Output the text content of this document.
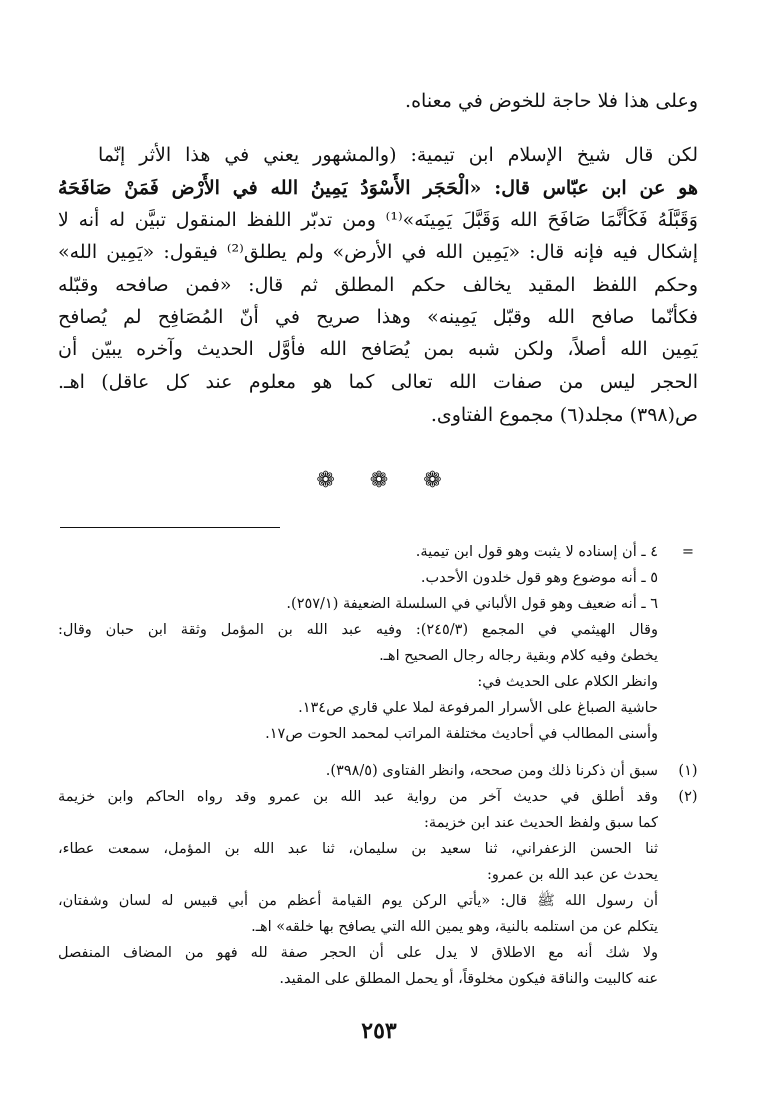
وعلى هذا فلا حاجة للخوض في معناه.
لكن قال شيخ الإسلام ابن تيمية: (والمشهور يعني في هذا الأثر إنّما
هو عن ابن عبّاس قال: «الْحَجَر الأَسْوَدُ يَمِينُ الله في الأَرْض فَمَنْ صَافَحَهُ
وَقَبَّلَهُ فَكَأَنَّمَا صَافَحَ الله وَقَبَّلَ يَمِينَه»⁽¹⁾ ومن تدبّر اللفظ المنقول تبيَّن له أنه لا
إشكال فيه فإنه قال: «يَمِين الله في الأرض» ولم يطلق⁽²⁾ فيقول: «يَمِين الله»
وحكم اللفظ المقيد يخالف حكم المطلق ثم قال: «فمن صافحه وقبّله
فكأنّما صافح الله وقبّل يَمِينه» وهذا صريح في أنّ المُصَافِح لم يُصافح
يَمِين الله أصلاً، ولكن شبه بمن يُصَافح الله فأوَّل الحديث وآخره يبيّن أن
الحجر ليس من صفات الله تعالى كما هو معلوم عند كل عاقل) اهـ.
ص(٣٩٨) مجلد(٦) مجموع الفتاوى.
❁ ❁ ❁
=
٤ ـ أن إسناده لا يثبت وهو قول ابن تيمية.
٥ ـ أنه موضوع وهو قول خلدون الأحدب.
٦ ـ أنه ضعيف وهو قول الألباني في السلسلة الضعيفة (٢٥٧/١).
وقال الهيثمي في المجمع (٢٤٥/٣): وفيه عبد الله بن المؤمل وثقة ابن حبان وقال:
يخطئ وفيه كلام وبقية رجاله رجال الصحيح اهـ.
وانظر الكلام على الحديث في:
حاشية الصباغ على الأسرار المرفوعة لملا علي قاري ص١٣٤.
وأسنى المطالب في أحاديث مختلفة المراتب لمحمد الحوت ص١٧.
(١)
سبق أن ذكرنا ذلك ومن صححه، وانظر الفتاوى (٣٩٨/٥).
(٢)
وقد أطلق في حديث آخر من رواية عبد الله بن عمرو وقد رواه الحاكم وابن خزيمة
كما سبق ولفظ الحديث عند ابن خزيمة:
ثنا الحسن الزعفراني، ثنا سعيد بن سليمان، ثنا عبد الله بن المؤمل، سمعت عطاء،
يحدث عن عبد الله بن عمرو:
أن رسول الله ﷺ قال: «يأتي الركن يوم القيامة أعظم من أبي قبيس له لسان وشفتان،
يتكلم عن من استلمه بالنية، وهو يمين الله التي يصافح بها خلقه» اهـ.
ولا شك أنه مع الاطلاق لا يدل على أن الحجر صفة لله فهو من المضاف المنفصل
عنه كالبيت والناقة فيكون مخلوقاً، أو يحمل المطلق على المقيد.
٢٥٣
